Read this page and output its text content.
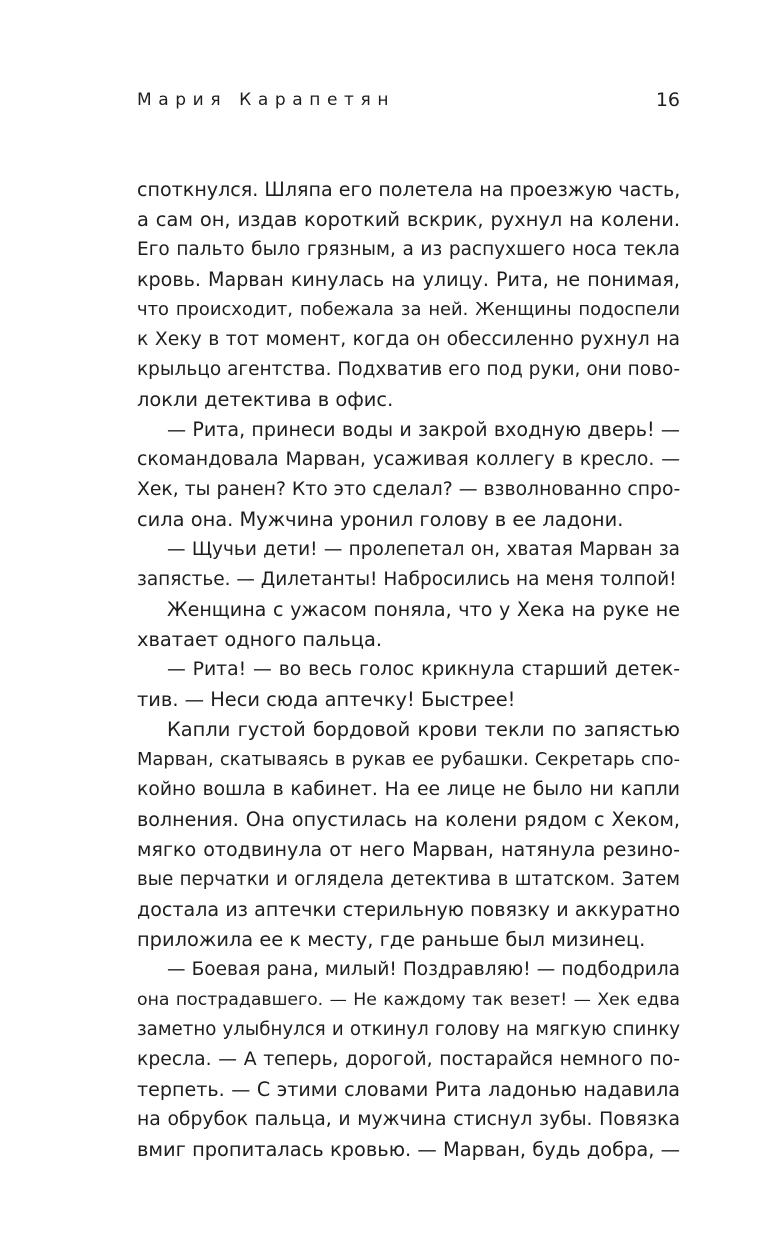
Мария Карапетян	16
споткнулся. Шляпа его полетела на проезжую часть,
а сам он, издав короткий вскрик, рухнул на колени.
Его пальто было грязным, а из распухшего носа текла
кровь. Марван кинулась на улицу. Рита, не понимая,
что происходит, побежала за ней. Женщины подоспели
к Хеку в тот момент, когда он обессиленно рухнул на
крыльцо агентства. Подхватив его под руки, они пово-
локли детектива в офис.
— Рита, принеси воды и закрой входную дверь! —
скомандовала Марван, усаживая коллегу в кресло. —
Хек, ты ранен? Кто это сделал? — взволнованно спро-
сила она. Мужчина уронил голову в ее ладони.
— Щучьи дети! — пролепетал он, хватая Марван за
запястье. — Дилетанты! Набросились на меня толпой!
Женщина с ужасом поняла, что у Хека на руке не
хватает одного пальца.
— Рита! — во весь голос крикнула старший детек-
тив. — Неси сюда аптечку! Быстрее!
Капли густой бордовой крови текли по запястью
Марван, скатываясь в рукав ее рубашки. Секретарь спо-
койно вошла в кабинет. На ее лице не было ни капли
волнения. Она опустилась на колени рядом с Хеком,
мягко отодвинула от него Марван, натянула резино-
вые перчатки и оглядела детектива в штатском. Затем
достала из аптечки стерильную повязку и аккуратно
приложила ее к месту, где раньше был мизинец.
— Боевая рана, милый! Поздравляю! — подбодрила
она пострадавшего. — Не каждому так везет! — Хек едва
заметно улыбнулся и откинул голову на мягкую спинку
кресла. — А теперь, дорогой, постарайся немного по-
терпеть. — С этими словами Рита ладонью надавила
на обрубок пальца, и мужчина стиснул зубы. Повязка
вмиг пропиталась кровью. — Марван, будь добра, —
